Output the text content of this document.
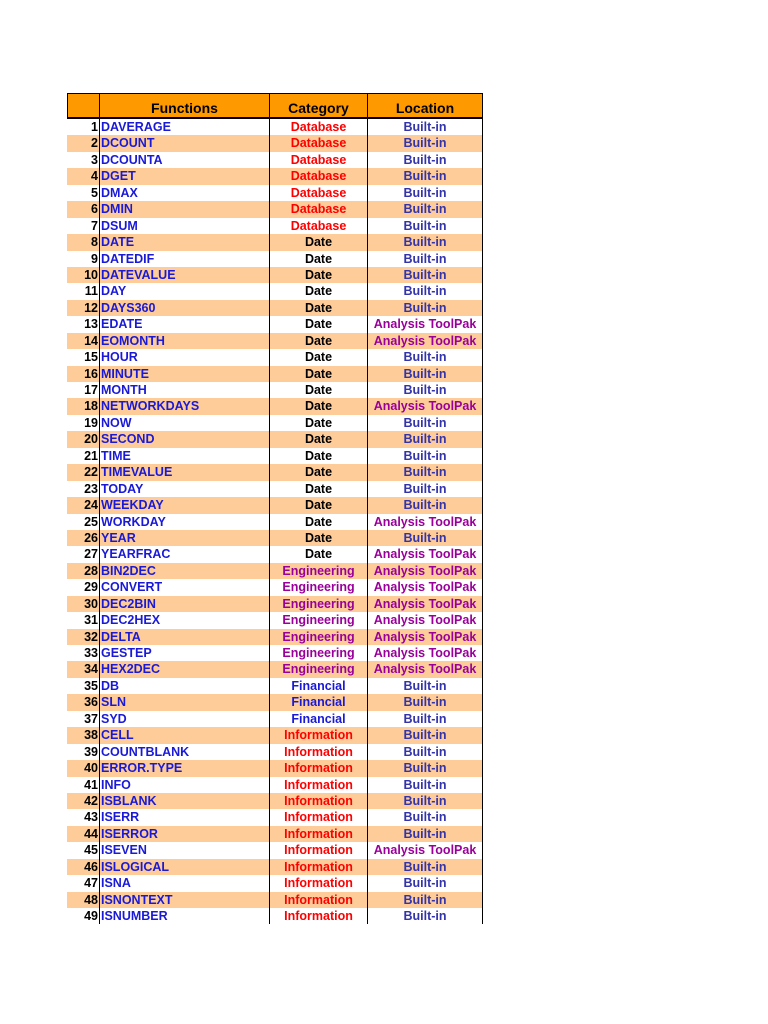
Functions	Category	Location
1 DAVERAGE	Database	Built-in
2 DCOUNT	Database	Built-in
3 DCOUNTA	Database	Built-in
4 DGET	Database	Built-in
5 DMAX	Database	Built-in
6 DMIN	Database	Built-in
7 DSUM	Database	Built-in
8 DATE	Date	Built-in
9 DATEDIF	Date	Built-in
10 DATEVALUE	Date	Built-in
11 DAY	Date	Built-in
12 DAYS360	Date	Built-in
13 EDATE	Date	Analysis ToolPak
14 EOMONTH	Date	Analysis ToolPak
15 HOUR	Date	Built-in
16 MINUTE	Date	Built-in
17 MONTH	Date	Built-in
18 NETWORKDAYS	Date	Analysis ToolPak
19 NOW	Date	Built-in
20 SECOND	Date	Built-in
21 TIME	Date	Built-in
22 TIMEVALUE	Date	Built-in
23 TODAY	Date	Built-in
24 WEEKDAY	Date	Built-in
25 WORKDAY	Date	Analysis ToolPak
26 YEAR	Date	Built-in
27 YEARFRAC	Date	Analysis ToolPak
28 BIN2DEC	Engineering	Analysis ToolPak
29 CONVERT	Engineering	Analysis ToolPak
30 DEC2BIN	Engineering	Analysis ToolPak
31 DEC2HEX	Engineering	Analysis ToolPak
32 DELTA	Engineering	Analysis ToolPak
33 GESTEP	Engineering	Analysis ToolPak
34 HEX2DEC	Engineering	Analysis ToolPak
35 DB	Financial	Built-in
36 SLN	Financial	Built-in
37 SYD	Financial	Built-in
38 CELL	Information	Built-in
39 COUNTBLANK	Information	Built-in
40 ERROR.TYPE	Information	Built-in
41 INFO	Information	Built-in
42 ISBLANK	Information	Built-in
43 ISERR	Information	Built-in
44 ISERROR	Information	Built-in
45 ISEVEN	Information	Analysis ToolPak
46 ISLOGICAL	Information	Built-in
47 ISNA	Information	Built-in
48 ISNONTEXT	Information	Built-in
49 ISNUMBER	Information	Built-in
